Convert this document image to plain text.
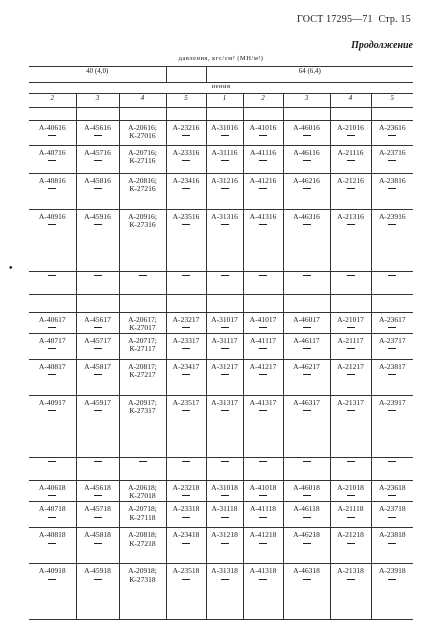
ГОСТ 17295—71 Стр. 15
Продолжение
давления, кгс/см² (МН/м²)								
40 (4,0)				64 (6,4)				
нения								
2	3	4	5	1	2	3	4	5

А-40616	А-45616	А-20616;
К-27016	А-23216	А-31016	А-41016	А-46016	А-21016	А-23616

А-40716	А-45716	А-20716;
К-27116	А-23316	А-31116	А-41116	А-46116	А-21116	А-23716

А-40816	А-45816	А-20816;
К-27216	А-23416	А-31216	А-41216	А-46216	А-21216	А-23816

А-40916	А-45916	А-20916;
К-27316	А-23516	А-31316	А-41316	А-46316	А-21316	А-23916

А-40617	А-45617	А-20617;
К-27017	А-23217	А-31017	А-41017	А-46017	А-21017	А-23617

А-40717	А-45717	А-20717;
К-27117	А-23317	А-31117	А-41117	А-46117	А-21117	А-23717

А-40817	А-45817	А-20817;
К-27217	А-23417	А-31217	А-41217	А-46217	А-21217	А-23817

А-40917	А-45917	А-20917;
К-27317	А-23517	А-31317	А-41317	А-46317	А-21317	А-23917

А-40618	А-45618	А-20618;
К-27018	А-23218	А-31018	А-41018	А-46018	А-21018	А-23618

А-40718	А-45718	А-20718;
К-27118	А-23318	А-31118	А-41118	А-46118	А-21118	А-23718

А-40818	А-45818	А-20818;
К-27218	А-23418	А-31218	А-41218	А-46218	А-21218	А-23818

А-40918	А-45918	А-20918;
К-27318	А-23518	А-31318	А-41318	А-46318	А-21318	А-23918
•
